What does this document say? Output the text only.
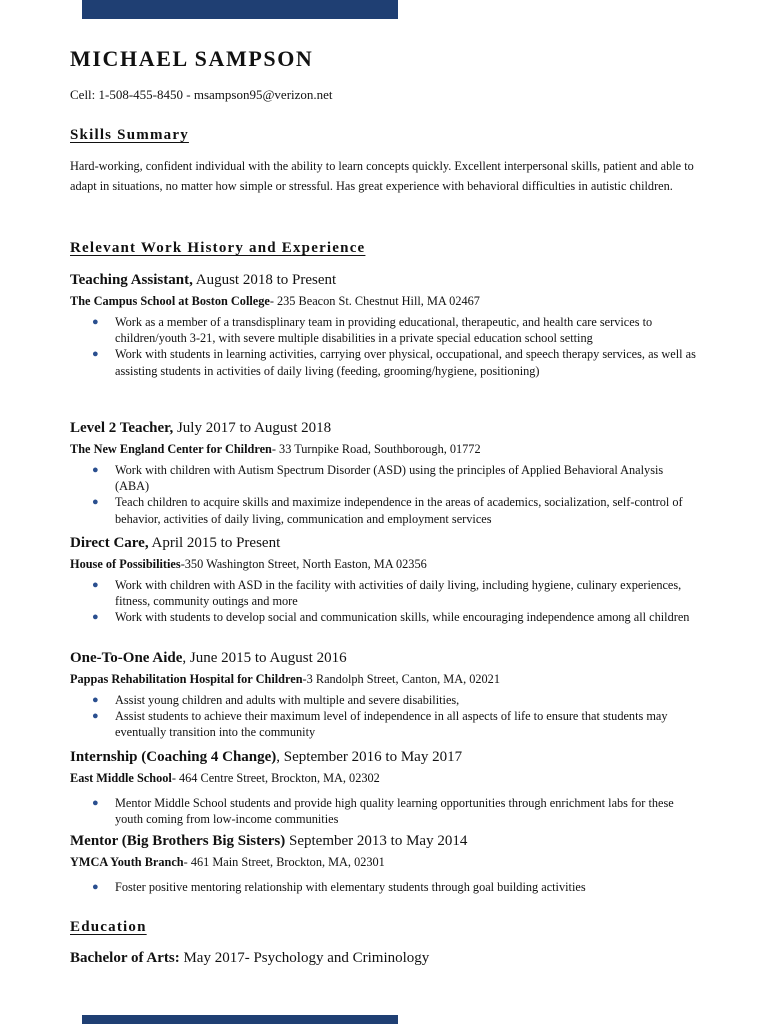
MICHAEL SAMPSON
Cell: 1-508-455-8450 - msampson95@verizon.net
Skills Summary

Hard-working, confident individual with the ability to learn concepts quickly. Excellent interpersonal skills, patient and able to adapt in situations, no matter how simple or stressful. Has great experience with behavioral difficulties in autistic children.

Relevant Work History and Experience

Teaching Assistant, August 2018 to Present

The Campus School at Boston College- 235 Beacon St. Chestnut Hill, MA 02467

● Work as a member of a transdisplinary team in providing educational, therapeutic, and health care services to children/youth 3-21, with severe multiple disabilities in a private special education school setting
● Work with students in learning activities, carrying over physical, occupational, and speech therapy services, as well as assisting students in activities of daily living (feeding, grooming/hygiene, positioning)

Level 2 Teacher, July 2017 to August 2018

The New England Center for Children- 33 Turnpike Road, Southborough, 01772

● Work with children with Autism Spectrum Disorder (ASD) using the principles of Applied Behavioral Analysis (ABA)
● Teach children to acquire skills and maximize independence in the areas of academics, socialization, self-control of behavior, activities of daily living, communication and employment services

Direct Care, April 2015 to Present

House of Possibilities-350 Washington Street, North Easton, MA 02356

● Work with children with ASD in the facility with activities of daily living, including hygiene, culinary experiences, fitness, community outings and more
● Work with students to develop social and communication skills, while encouraging independence among all children

One-To-One Aide, June 2015 to August 2016

Pappas Rehabilitation Hospital for Children-3 Randolph Street, Canton, MA, 02021

● Assist young children and adults with multiple and severe disabilities,
● Assist students to achieve their maximum level of independence in all aspects of life to ensure that students may eventually transition into the community

Internship (Coaching 4 Change), September 2016 to May 2017

East Middle School- 464 Centre Street, Brockton, MA, 02302

● Mentor Middle School students and provide high quality learning opportunities through enrichment labs for these youth coming from low-income communities

Mentor (Big Brothers Big Sisters) September 2013 to May 2014

YMCA Youth Branch- 461 Main Street, Brockton, MA, 02301

● Foster positive mentoring relationship with elementary students through goal building activities
Education
Bachelor of Arts: May 2017- Psychology and Criminology
